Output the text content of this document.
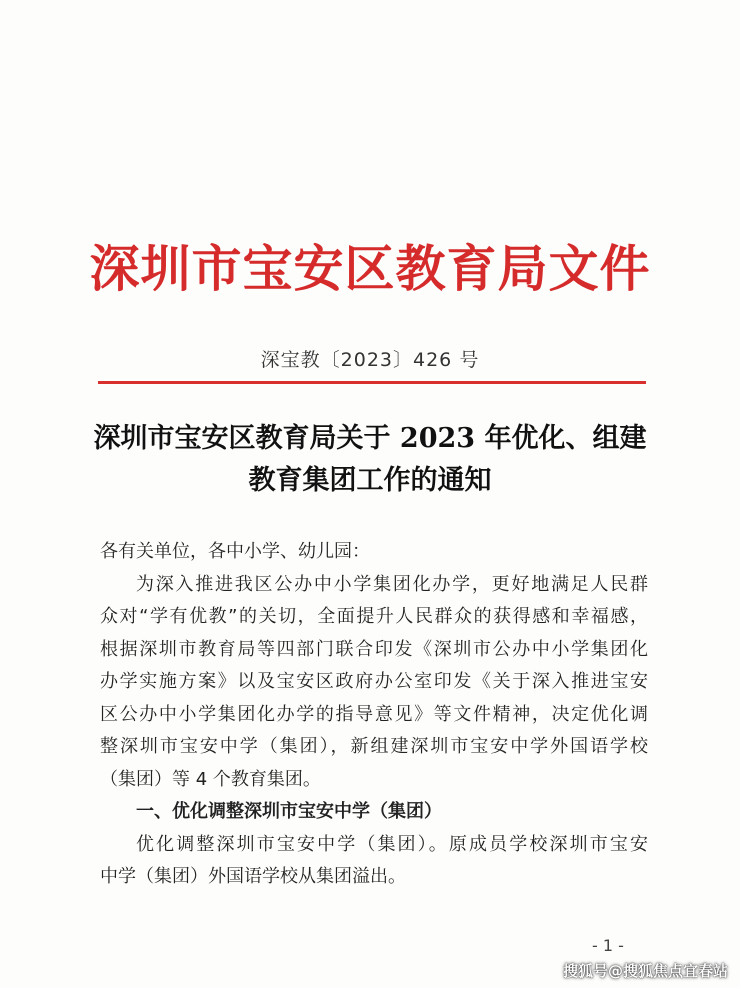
深圳市宝安区教育局文件
深宝教〔2023〕426 号
深圳市宝安区教育局关于 2023 年优化、组建
教育集团工作的通知
各有关单位，各中小学、幼儿园：
为深入推进我区公办中小学集团化办学，更好地满足人民群
众对“学有优教”的关切，全面提升人民群众的获得感和幸福感，
根据深圳市教育局等四部门联合印发《深圳市公办中小学集团化
办学实施方案》以及宝安区政府办公室印发《关于深入推进宝安
区公办中小学集团化办学的指导意见》等文件精神，决定优化调
整深圳市宝安中学（集团），新组建深圳市宝安中学外国语学校
（集团）等 4 个教育集团。
一、优化调整深圳市宝安中学（集团）
优化调整深圳市宝安中学（集团）。原成员学校深圳市宝安
中学（集团）外国语学校从集团溢出。
- 1 -
搜狐号@搜狐焦点宜春站
